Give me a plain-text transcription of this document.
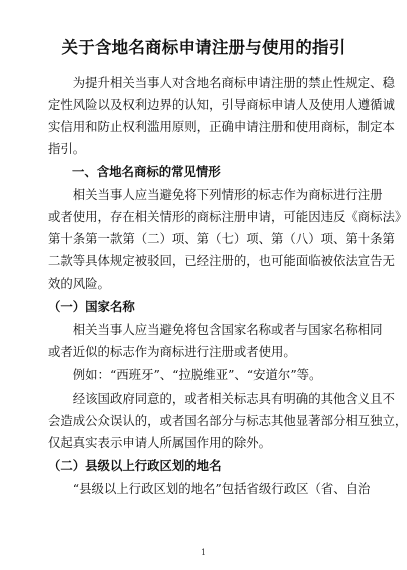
关于含地名商标申请注册与使用的指引
　　为提升相关当事人对含地名商标申请注册的禁止性规定、稳
定性风险以及权利边界的认知，引导商标申请人及使用人遵循诚
实信用和防止权利滥用原则，正确申请注册和使用商标，制定本
指引。
一、含地名商标的常见情形
　　相关当事人应当避免将下列情形的标志作为商标进行注册
或者使用，存在相关情形的商标注册申请，可能因违反《商标法》
第十条第一款第（二）项、第（七）项、第（八）项、第十条第
二款等具体规定被驳回，已经注册的，也可能面临被依法宣告无
效的风险。
（一）国家名称
　　相关当事人应当避免将包含国家名称或者与国家名称相同
或者近似的标志作为商标进行注册或者使用。
　　例如：“西班牙”、“拉脱维亚”、“安道尔”等。
　　经该国政府同意的，或者相关标志具有明确的其他含义且不
会造成公众误认的，或者国名部分与标志其他显著部分相互独立，
仅起真实表示申请人所属国作用的除外。
（二）县级以上行政区划的地名
　　“县级以上行政区划的地名”包括省级行政区（省、自治
1
